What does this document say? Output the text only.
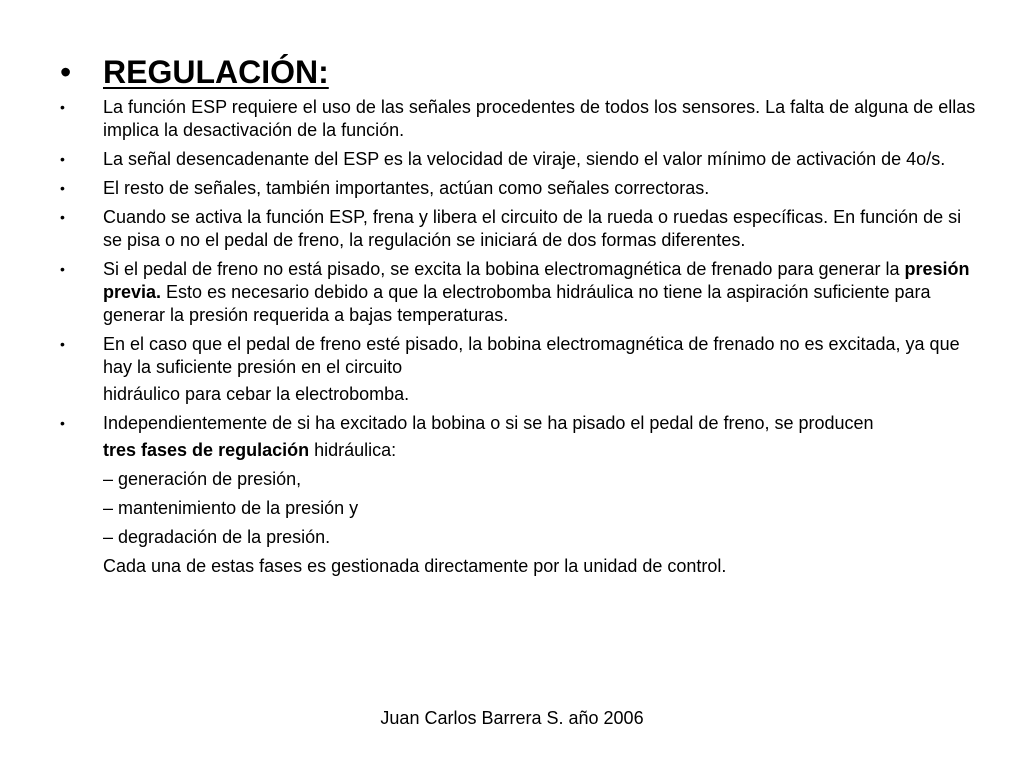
• REGULACIÓN:
• La función ESP requiere el uso de las señales procedentes de todos los sensores. La falta de alguna de ellas implica la desactivación de la función.
• La señal desencadenante del ESP es la velocidad de viraje, siendo el valor mínimo de activación de 4o/s.
• El resto de señales, también importantes, actúan como señales correctoras.
• Cuando se activa la función ESP, frena y libera el circuito de la rueda o ruedas específicas. En función de si se pisa o no el pedal de freno, la regulación se iniciará de dos formas diferentes.
• Si el pedal de freno no está pisado, se excita la bobina electromagnética de frenado para generar la presión previa. Esto es necesario debido a que la electrobomba hidráulica no tiene la aspiración suficiente para generar la presión requerida a bajas temperaturas.
• En el caso que el pedal de freno esté pisado, la bobina electromagnética de frenado no es excitada, ya que hay la suficiente presión en el circuito
hidráulico para cebar la electrobomba.
• Independientemente de si ha excitado la bobina o si se ha pisado el pedal de freno, se producen
tres fases de regulación hidráulica:
– generación de presión,
– mantenimiento de la presión y
– degradación de la presión.
Cada una de estas fases es gestionada directamente por la unidad de control.
Juan Carlos Barrera S. año 2006
